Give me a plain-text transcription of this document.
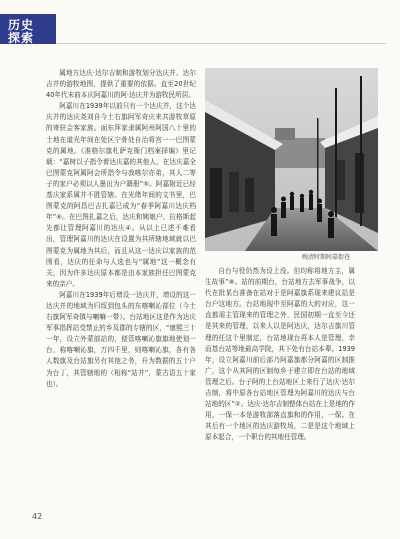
历史
探索

属地方达庆·达尔吉制和游牧划分达庆并、达尔吉并的游牧地图，提供了重要的依据。直至20世纪40年代末前本庆阿嘉川的阿·达庆并为游牧民所居。

阿嘉川在1939年以前只有一个达庆并，这个达庆并的达庆尧刘自今土右旗阿军奇庆来共游牧草原的寄驻会客家族。面东拜家隶属阿州阿国八十里的土地在道光年间在处区宁骨处自治将宫一一巴图蒙克的属地。《准格尔旗札萨克衙门档案择编》里记载：“嘉树以子指令着达庆嘉的其他人，在达庆嘉全巴图蒙克阿属阿会所指令与我喀尔亦弟，其人二等子的家户必须以人墨田为户籍册”⑤。阿嘉附近已经基庆家系属并不胜管辖。在光绪年间的文书里，巴图蒙克的阿昌巴吉扎嘉已成为“春季阿嘉川达庆档年”⑥。在巴图扎嘉之后，达庆和姨娘户、拉格斯起先都让管理阿嘉川的达庆④。从以上已述不难看出，管理阿嘉川的达庆在设置为其所辖地域就以巴图蒙克为属地为其后，而且从这一达庆以家族的范围看，达庆的任命与人选也与“属地”这一概念有关，因为许多达庆原本都是由本家族担任巴图蒙克来的亲户。

阿嘉川在1939年后增设一达庆并，增设的这一达庆并的地域为归绥到包头的东喀喇沁部位（今土右旗阿军奇镇与喇嘛一带）。台站地区这是作为达庆军事指挥站受禁止的乡及郡的专辖的区，“康熙三十一年，设立外蒙部站的，便管喀喇沁旗旗地使划一台，称喀喇沁旗，万四千里，则喀喇沁旗，各有各人数旗及台站旗另有其他之务，升为数据的五十户为台丁，其管辖地的（相称“站并”，蒙古语五十家也）。

晚清时期阿嘉街巷

自台与役仍然为设上没。但均称将地方主，属生故事”⑧。站的前期台，台站地方去军事战争，以代在批某台准备在站对于是阿嘉旗系现来建议站是台户这地方。台站地现中至阿嘉的大的对应，这一直都需主管现来的管理之外，民国初期一直至今还是其来的管理，以来人以是阿达庆，达尔吉旗川管理的任这个里制定，台站地现台再本人是管理，幸而基台站等地最高学院，其下处有台站本辈。1939年，设立阿嘉川前后部乃阿嘉旗都分阿嘉的区制推广，这个从其阿的区制每乡于建立即在台站的地域管理之后。台子阿的上台站地区上来行了达庆·达尔吉制，将中原各台站地区管理为阿嘉川的达庆与台站地的区”②。达庆·达尔吉制整体台站在上是地的作用，一保一本是游牧部落直旗和的作用，一保。在其后有一个地区的达庆游牧场，二是是这个地域上原本起合，一个职台的其地任管理。

42
